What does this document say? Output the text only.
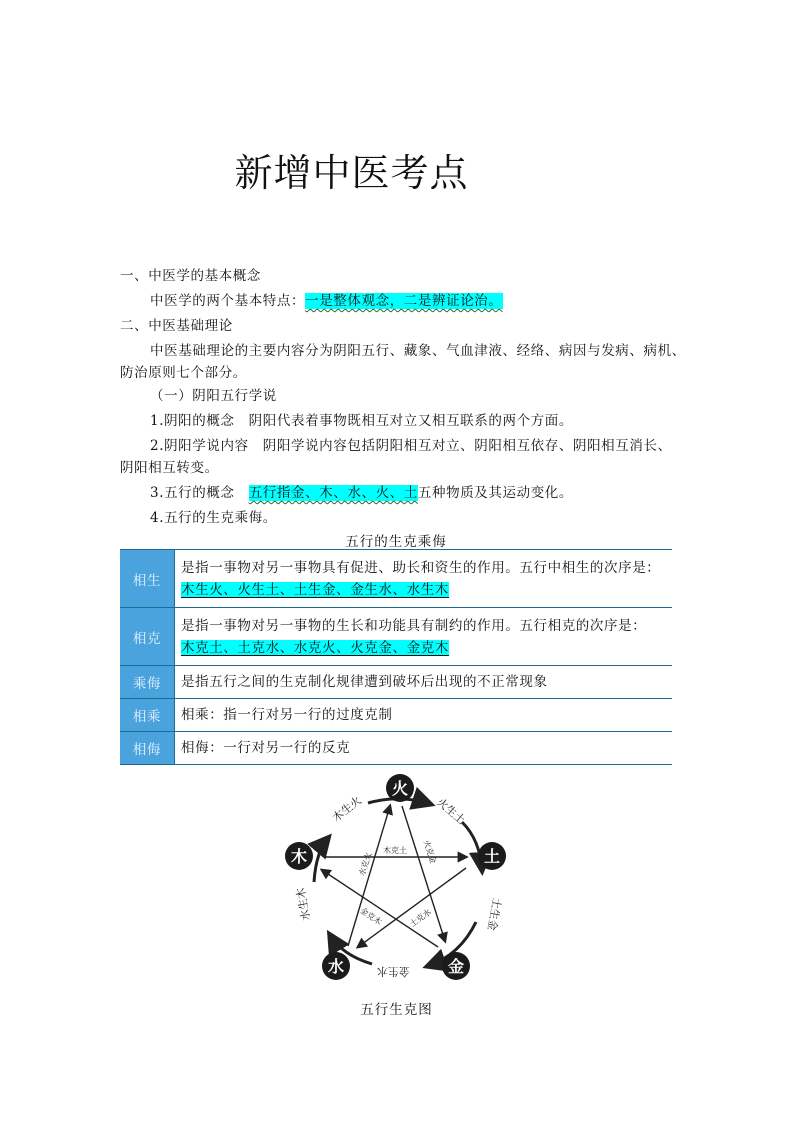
新增中医考点
一、中医学的基本概念
中医学的两个基本特点：一是整体观念，二是辨证论治。
二、中医基础理论
中医基础理论的主要内容分为阴阳五行、藏象、气血津液、经络、病因与发病、病机、
防治原则七个部分。
（一）阴阳五行学说
1.阴阳的概念　阴阳代表着事物既相互对立又相互联系的两个方面。
2.阴阳学说内容　阴阳学说内容包括阴阳相互对立、阴阳相互依存、阴阳相互消长、
阴阳相互转变。
3.五行的概念　五行指金、木、水、火、土五种物质及其运动变化。
4.五行的生克乘侮。
五行的生克乘侮
相生	是指一事物对另一事物具有促进、助长和资生的作用。五行中相生的次序是：
木生火、火生土、土生金、金生水、水生木
相克	是指一事物对另一事物的生长和功能具有制约的作用。五行相克的次序是：
木克土、土克水、水克火、火克金、金克木
乘侮	是指五行之间的生克制化规律遭到破坏后出现的不正常现象
相乘	相乘：指一行对另一行的过度克制
相侮	相侮：一行对另一行的反克
火
土
金
水
木
木生火	火生土
土生金
金生水
水生木
木克土 火克金
水克火
金克木	土克水
五行生克图
